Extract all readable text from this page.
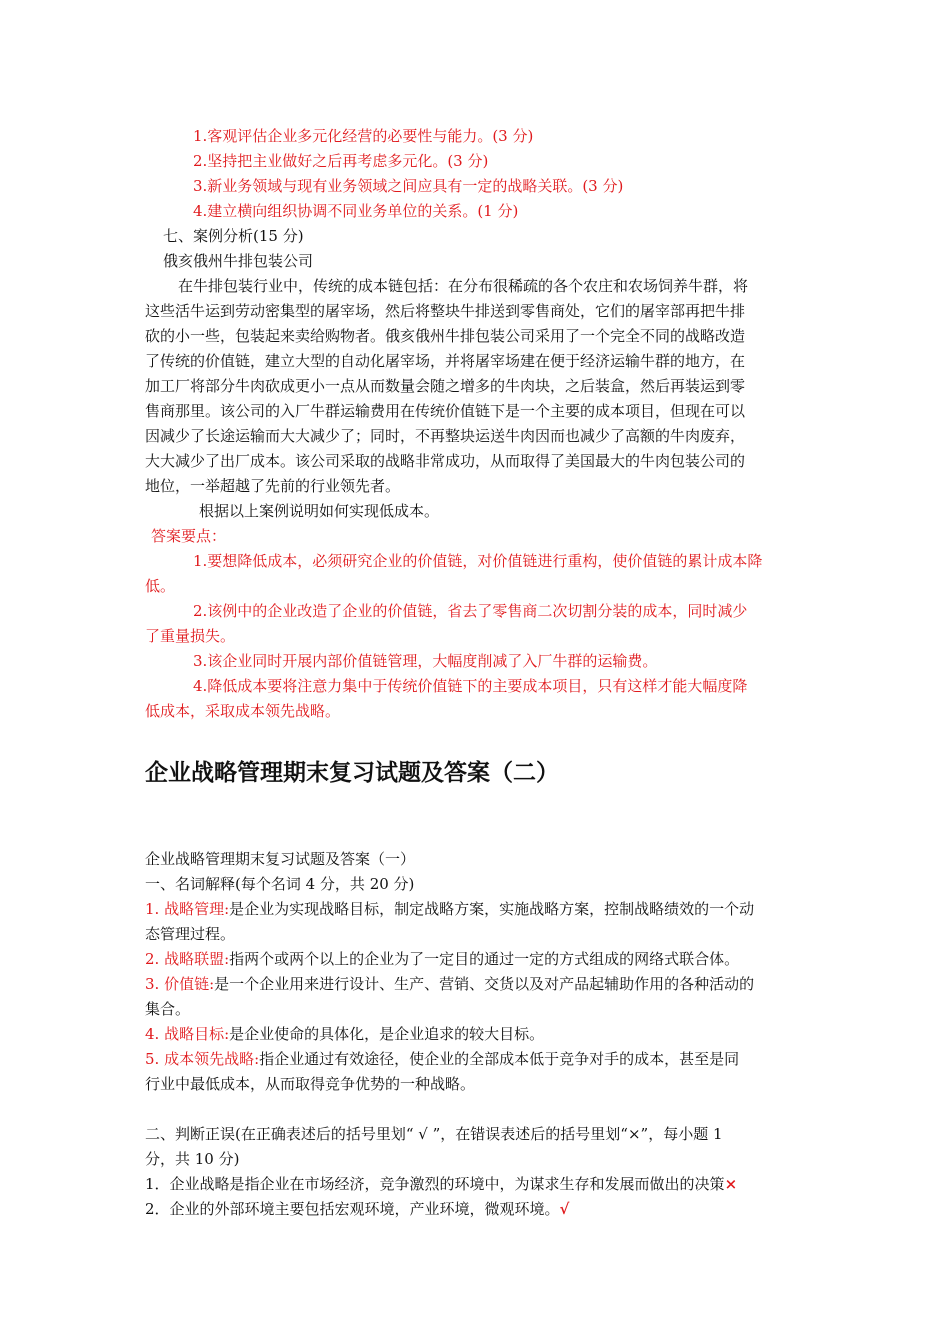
1.客观评估企业多元化经营的必要性与能力。(3 分)
2.坚持把主业做好之后再考虑多元化。(3 分)
3.新业务领域与现有业务领域之间应具有一定的战略关联。(3 分)
4.建立横向组织协调不同业务单位的关系。(1 分)
七、案例分析(15 分)
俄亥俄州牛排包装公司
在牛排包装行业中，传统的成本链包括：在分布很稀疏的各个农庄和农场饲养牛群，将
这些活牛运到劳动密集型的屠宰场，然后将整块牛排送到零售商处，它们的屠宰部再把牛排
砍的小一些，包装起来卖给购物者。俄亥俄州牛排包装公司采用了一个完全不同的战略改造
了传统的价值链，建立大型的自动化屠宰场，并将屠宰场建在便于经济运输牛群的地方，在
加工厂将部分牛肉砍成更小一点从而数量会随之增多的牛肉块，之后装盒，然后再装运到零
售商那里。该公司的入厂牛群运输费用在传统价值链下是一个主要的成本项目，但现在可以
因减少了长途运输而大大减少了；同时，不再整块运送牛肉因而也减少了高额的牛肉废弃，
大大减少了出厂成本。该公司采取的战略非常成功，从而取得了美国最大的牛肉包装公司的
地位，一举超越了先前的行业领先者。
根据以上案例说明如何实现低成本。
答案要点：
1.要想降低成本，必须研究企业的价值链，对价值链进行重构，使价值链的累计成本降
低。
2.该例中的企业改造了企业的价值链，省去了零售商二次切割分装的成本，同时减少
了重量损失。
3.该企业同时开展内部价值链管理，大幅度削减了入厂牛群的运输费。
4.降低成本要将注意力集中于传统价值链下的主要成本项目，只有这样才能大幅度降
低成本，采取成本领先战略。
企业战略管理期末复习试题及答案（二）
企业战略管理期末复习试题及答案（一）
一、名词解释(每个名词 4 分，共 20 分)
1. 战略管理:是企业为实现战略目标，制定战略方案，实施战略方案，控制战略绩效的一个动
态管理过程。
2. 战略联盟:指两个或两个以上的企业为了一定目的通过一定的方式组成的网络式联合体。
3. 价值链:是一个企业用来进行设计、生产、营销、交货以及对产品起辅助作用的各种活动的
集合。
4. 战略目标:是企业使命的具体化，是企业追求的较大目标。
5. 成本领先战略:指企业通过有效途径，使企业的全部成本低于竞争对手的成本，甚至是同
行业中最低成本，从而取得竞争优势的一种战略。
二、判断正误(在正确表述后的括号里划“ √ ”，在错误表述后的括号里划“×”，每小题 1
分，共 10 分)
1．企业战略是指企业在市场经济，竞争激烈的环境中，为谋求生存和发展而做出的决策×
2．企业的外部环境主要包括宏观环境，产业环境，微观环境。√
